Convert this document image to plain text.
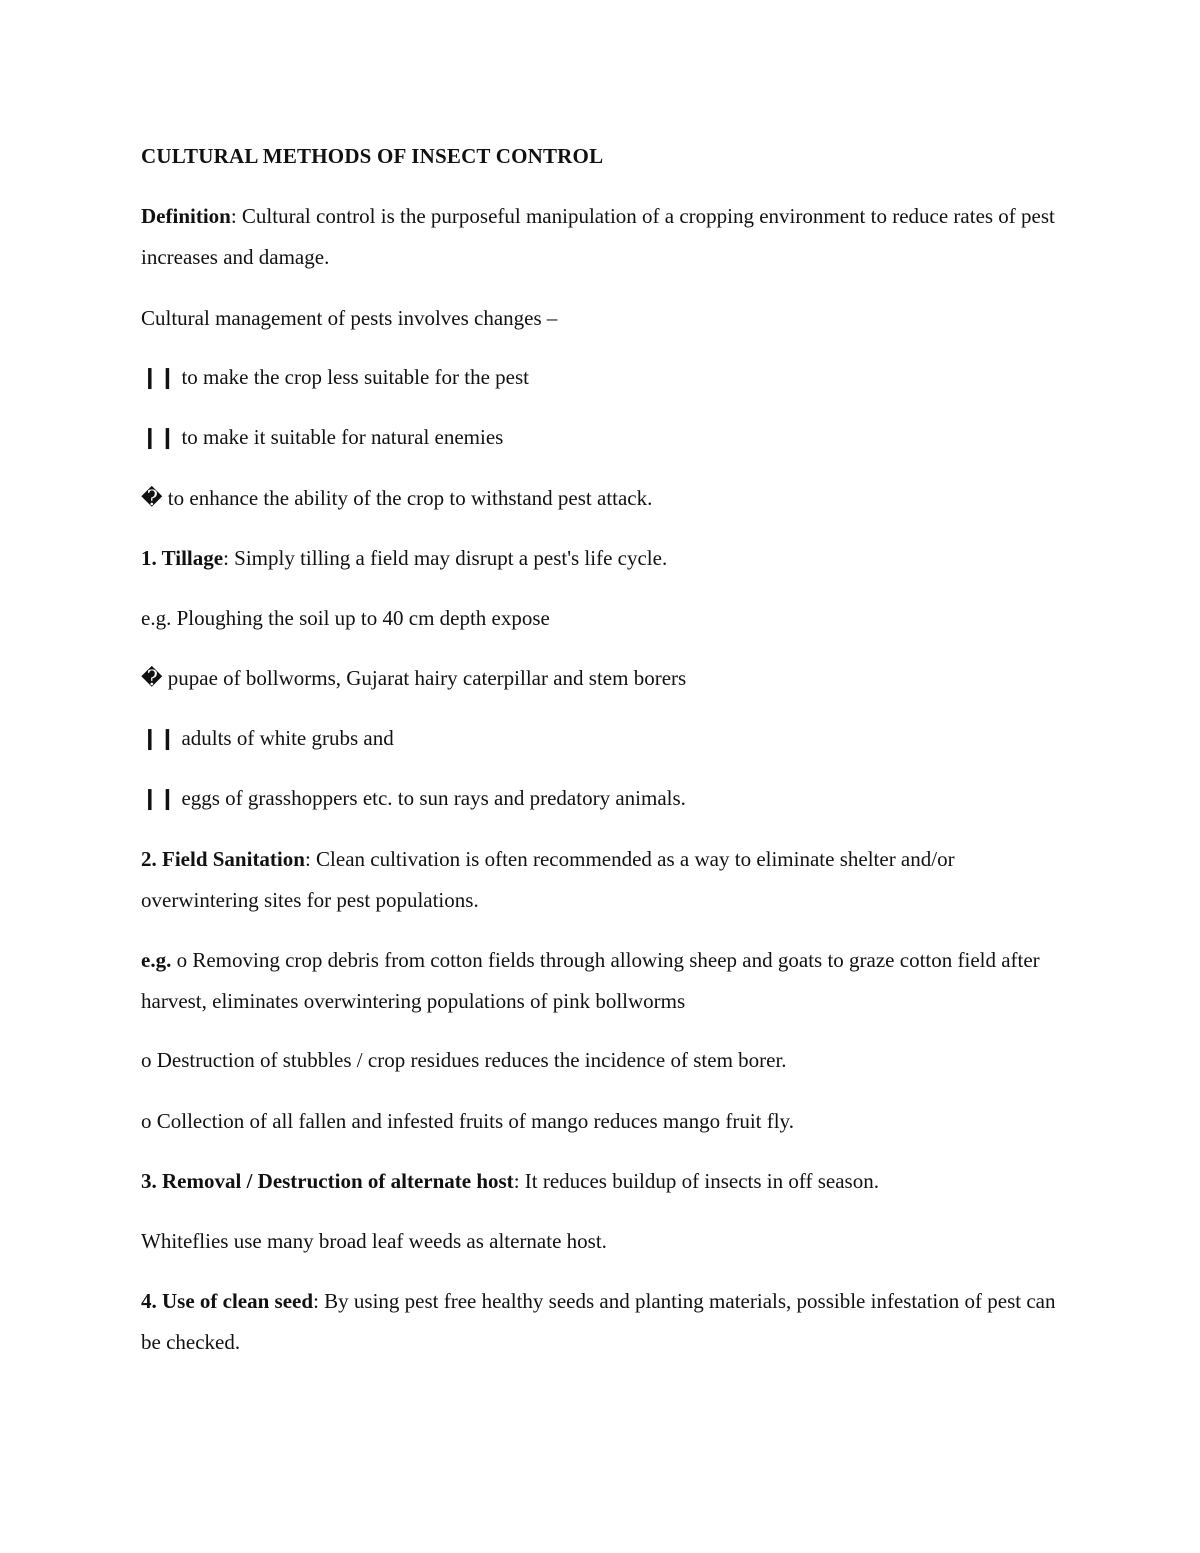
CULTURAL METHODS OF INSECT CONTROL
Definition: Cultural control is the purposeful manipulation of a cropping environment to reduce rates of pest increases and damage.
Cultural management of pests involves changes –
❙❙ to make the crop less suitable for the pest
❙❙ to make it suitable for natural enemies
� to enhance the ability of the crop to withstand pest attack.
1. Tillage: Simply tilling a field may disrupt a pest's life cycle.
e.g. Ploughing the soil up to 40 cm depth expose
� pupae of bollworms, Gujarat hairy caterpillar and stem borers
❙❙ adults of white grubs and
❙❙ eggs of grasshoppers etc. to sun rays and predatory animals.
2. Field Sanitation: Clean cultivation is often recommended as a way to eliminate shelter and/or overwintering sites for pest populations.
e.g. o Removing crop debris from cotton fields through allowing sheep and goats to graze cotton field after harvest, eliminates overwintering populations of pink bollworms
o Destruction of stubbles / crop residues reduces the incidence of stem borer.
o Collection of all fallen and infested fruits of mango reduces mango fruit fly.
3. Removal / Destruction of alternate host: It reduces buildup of insects in off season.
Whiteflies use many broad leaf weeds as alternate host.
4. Use of clean seed: By using pest free healthy seeds and planting materials, possible infestation of pest can be checked.
